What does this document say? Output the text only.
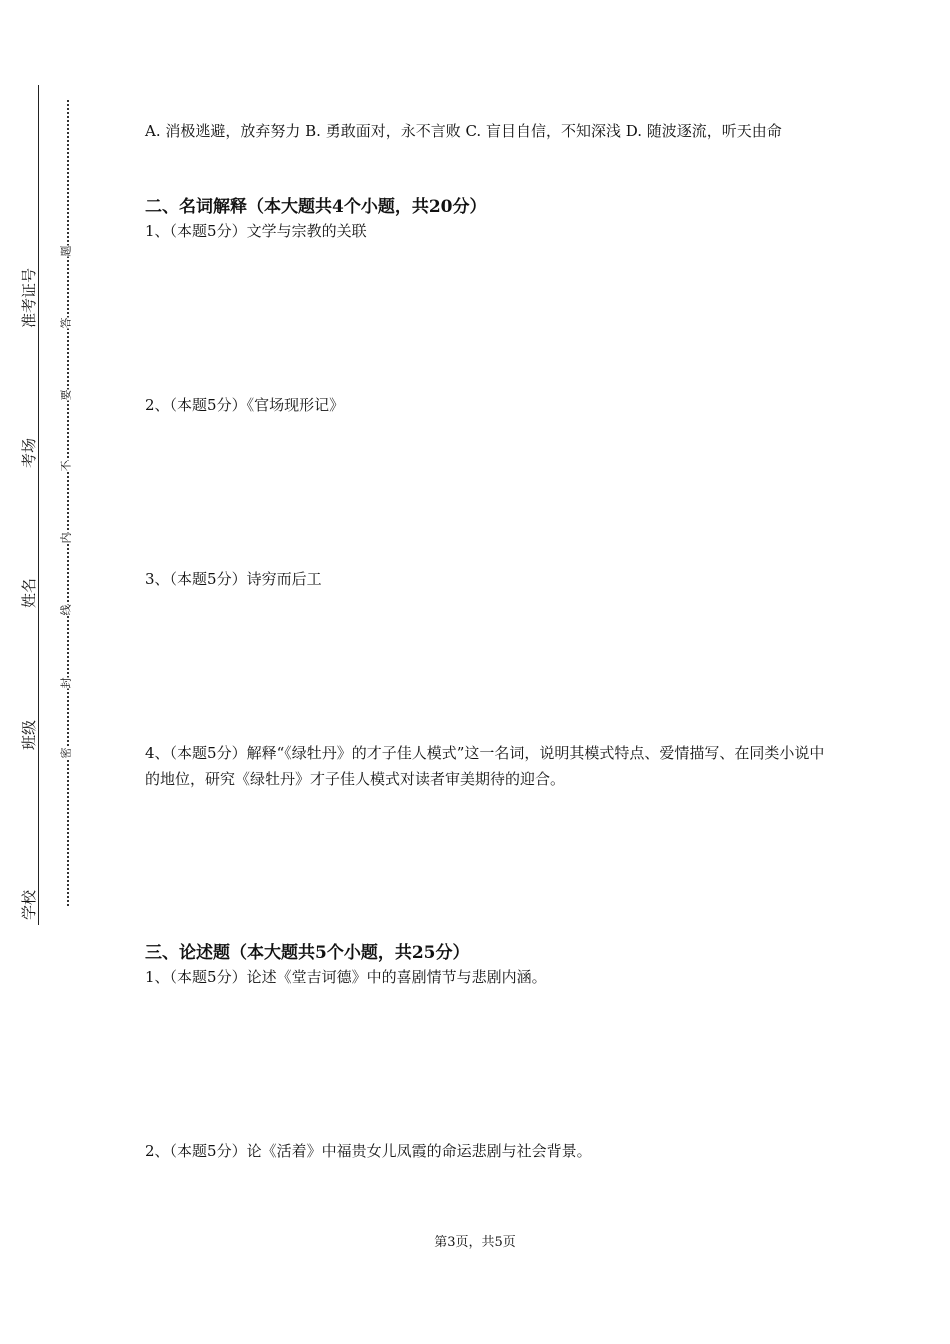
准考证号
考场
姓名
班级
学校
题
答
要
不
内
线
封
密
A. 消极逃避，放弃努力 B. 勇敢面对，永不言败 C. 盲目自信，不知深浅 D. 随波逐流，听天由命
二、名词解释（本大题共4个小题，共20分）
1、（本题5分）文学与宗教的关联
2、（本题5分）《官场现形记》
3、（本题5分）诗穷而后工
4、（本题5分）解释“《绿牡丹》的才子佳人模式”这一名词，说明其模式特点、爱情描写、在同类小说中的地位，研究《绿牡丹》才子佳人模式对读者审美期待的迎合。
三、论述题（本大题共5个小题，共25分）
1、（本题5分）论述《堂吉诃德》中的喜剧情节与悲剧内涵。
2、（本题5分）论《活着》中福贵女儿凤霞的命运悲剧与社会背景。
第3页，共5页
